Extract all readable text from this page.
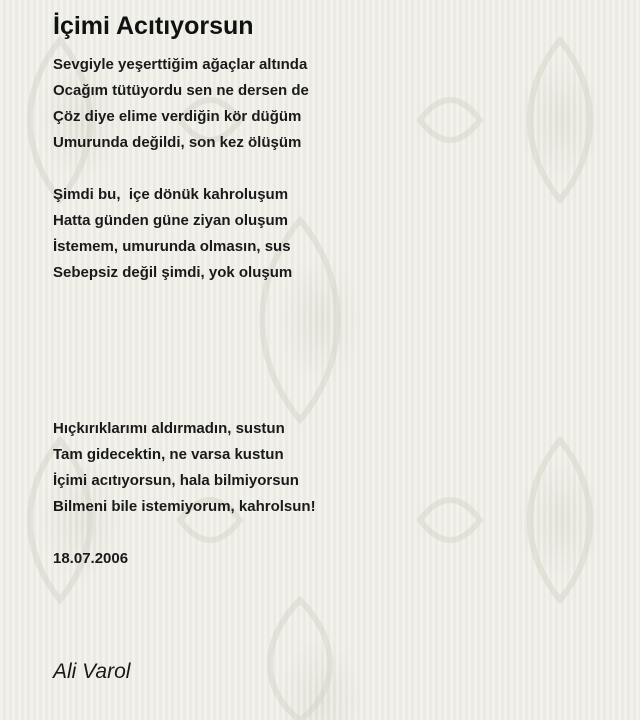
İçimi Acıtıyorsun
Sevgiyle yeşerttiğim ağaçlar altında
Ocağım tütüyordu sen ne dersen de
Çöz diye elime verdiğin kör düğüm
Umurunda değildi, son kez ölüşüm
Şimdi bu,  içe dönük kahroluşum
Hatta günden güne ziyan oluşum
İstemem, umurunda olmasın, sus
Sebepsiz değil şimdi, yok oluşum
Hıçkırıklarımı aldırmadın, sustun
Tam gidecektin, ne varsa kustun
İçimi acıtıyorsun, hala bilmiyorsun
Bilmeni bile istemiyorum, kahrolsun!
18.07.2006
Ali Varol
